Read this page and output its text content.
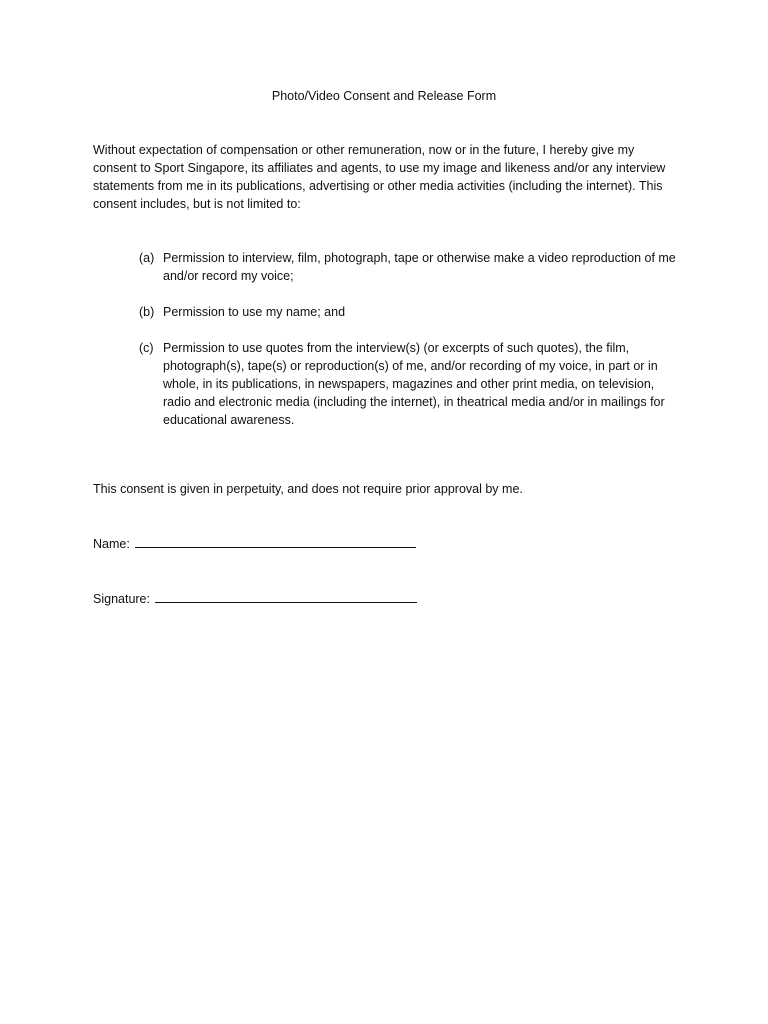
Photo/Video Consent and Release Form
Without expectation of compensation or other remuneration, now or in the future, I hereby give my consent to Sport Singapore, its affiliates and agents, to use my image and likeness and/or any interview statements from me in its publications, advertising or other media activities (including the internet). This consent includes, but is not limited to:
(a) Permission to interview, film, photograph, tape or otherwise make a video reproduction of me and/or record my voice;
(b) Permission to use my name; and
(c) Permission to use quotes from the interview(s) (or excerpts of such quotes), the film, photograph(s), tape(s) or reproduction(s) of me, and/or recording of my voice, in part or in whole, in its publications, in newspapers, magazines and other print media, on television, radio and electronic media (including the internet), in theatrical media and/or in mailings for educational awareness.
This consent is given in perpetuity, and does not require prior approval by me.
Name:
Signature:
